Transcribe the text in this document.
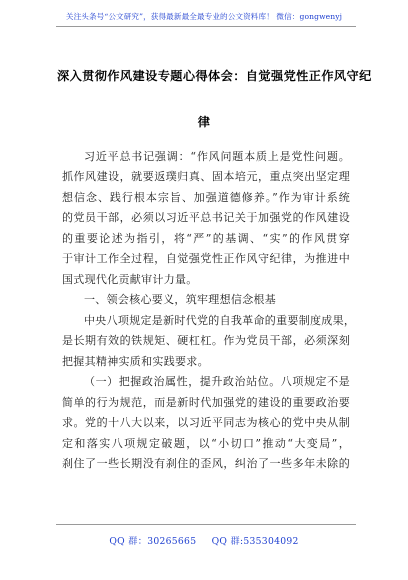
关注头条号“公文研究”，获得最新最全最专业的公文资料库！ 微信：gongwenyj
深入贯彻作风建设专题心得体会：自觉强党性正作风守纪
律
习近平总书记强调：“作风问题本质上是党性问题。
抓作风建设，就要返璞归真、固本培元，重点突出坚定理
想信念、践行根本宗旨、加强道德修养。”作为审计系统
的党员干部，必须以习近平总书记关于加强党的作风建设
的重要论述为指引，将“严”的基调、“实”的作风贯穿
于审计工作全过程，自觉强党性正作风守纪律，为推进中
国式现代化贡献审计力量。
一、领会核心要义，筑牢理想信念根基
中央八项规定是新时代党的自我革命的重要制度成果，
是长期有效的铁规矩、硬杠杠。作为党员干部，必须深刻
把握其精神实质和实践要求。
（一）把握政治属性，提升政治站位。八项规定不是
简单的行为规范，而是新时代加强党的建设的重要政治要
求。党的十八大以来，以习近平同志为核心的党中央从制
定和落实八项规定破题，以“小切口”推动“大变局”，
刹住了一些长期没有刹住的歪风，纠治了一些多年未除的
QQ 群：30265665 QQ 群:535304092
